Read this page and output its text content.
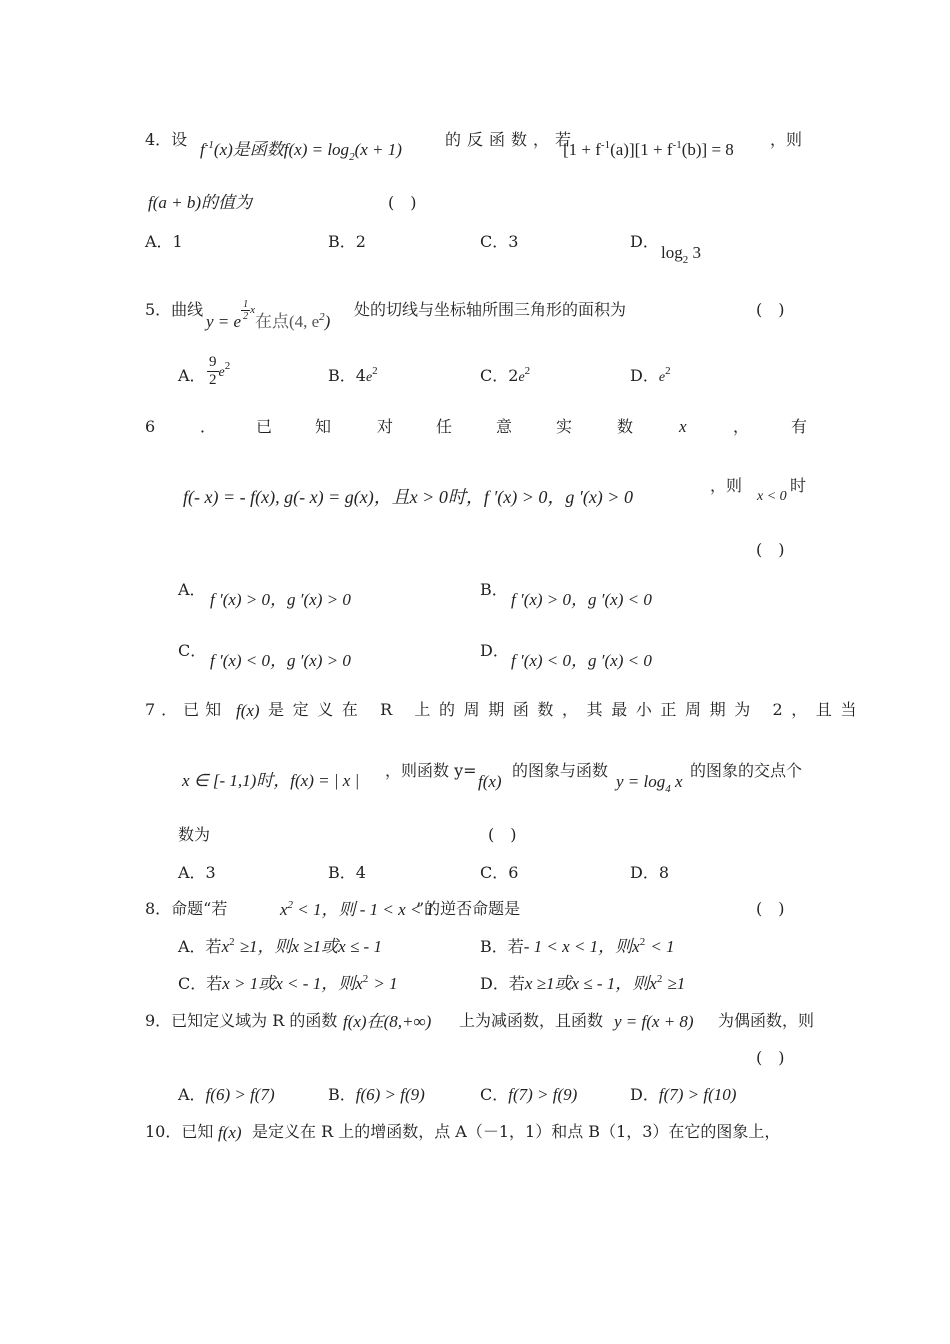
4．设
$f^{-1}(x)$是函数$f(x) = \log_2(x + 1)$
的反函数，若
$[1 + f^{-1}(a)][1 + f^{-1}(b)] = 8$
，则
f(a + b)的值为	(　)
A．1	B．2	C．3	D．
$\log_2 3$
5．曲线
y = e $^{\frac{1}{2} x}$在点(4, $e^2$)
处的切线与坐标轴所围三角形的面积为	(　)
A． $\frac{9}{2} e^2$	B．$4e^2$	C．$2e^2$	D．$e^2$
6	． 已	知	对	任	意	实	数	x	，	有
f(- x) = - f(x), g(- x) = g(x)，且x > 0时，f ′(x) > 0，g ′(x) > 0
，则
x < 0
时
(　)
A．
f ′(x) > 0，g ′(x) > 0
B．
f ′(x) > 0，g ′(x) < 0
C．
f ′(x) < 0，g ′(x) > 0
D．
f ′(x) < 0，g ′(x) < 0
7．已知 f(x) 是定义在 R 上的周期函数，其最小正周期为 2，且当
x ∈ [- 1,1)时，f(x) = | x |
，则函数 y=
f(x)
的图象与函数
$y = \log_4 x$
的图象的交点个
数为	(　)
A．3	B．4	C．6	D．8
8．命题“若	$x^2 < 1$，则 - 1 < x < 1
”的逆否命题是	(　)
A．若$x^2 \ge 1$，则x ≥1或x ≤ - 1	B．若- 1 < x < 1，则$x^2 < 1$
C．若x > 1或x < - 1，则$x^2 > 1$	D．若x ≥1或x ≤ - 1，则$x^2 \ge 1$
9．已知定义域为 R 的函数 f(x)在(8,+∞) 上为减函数，且函数 y = f(x + 8) 为偶函数，则
(　)
A．f(6) > f(7)	B．f(6) > f(9)	C．f(7) > f(9)	D．f(7) > f(10)
10．已知 f(x) 是定义在 R 上的增函数，点 A（－1，1）和点 B（1，3）在它的图象上，
